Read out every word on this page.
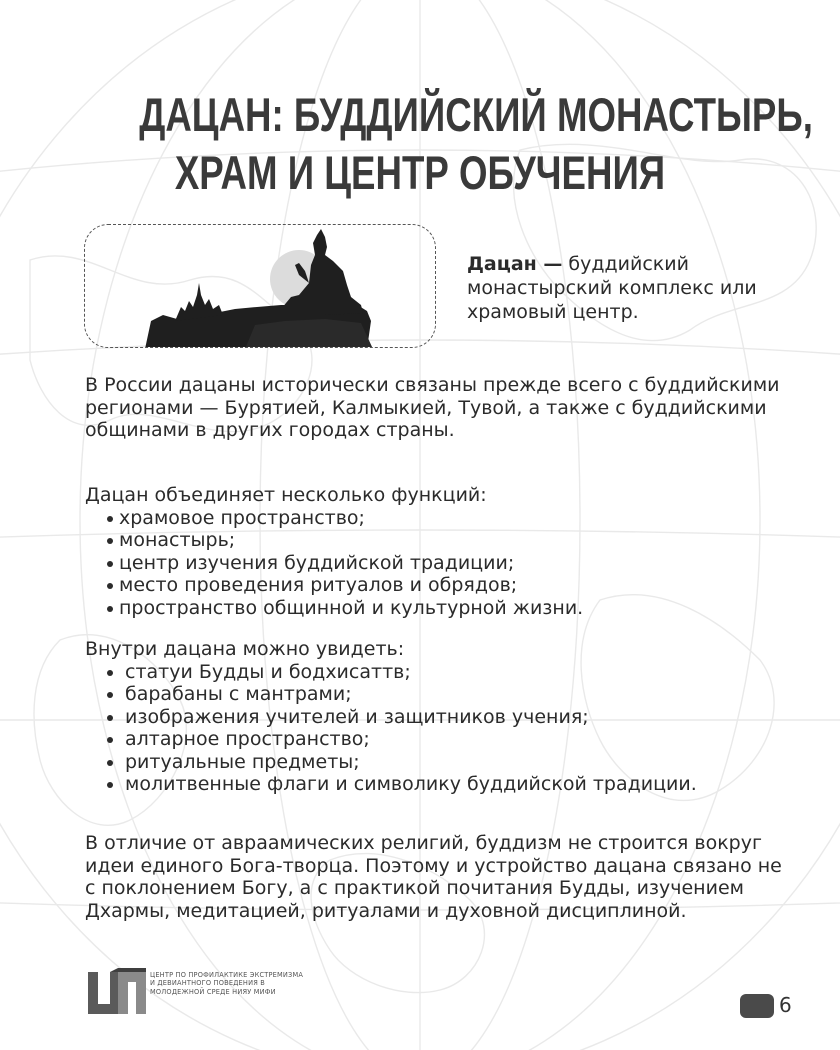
ДАЦАН: БУДДИЙСКИЙ МОНАСТЫРЬ,
ХРАМ И ЦЕНТР ОБУЧЕНИЯ
Дацан — буддийский монастырский комплекс или храмовый центр.
В России дацаны исторически связаны прежде всего с буддийскими регионами — Бурятией, Калмыкией, Тувой, а также с буддийскими общинами в других городах страны.
Дацан объединяет несколько функций:
храмовое пространство;
монастырь;
центр изучения буддийской традиции;
место проведения ритуалов и обрядов;
пространство общинной и культурной жизни.
Внутри дацана можно увидеть:
статуи Будды и бодхисаттв;
барабаны с мантрами;
изображения учителей и защитников учения;
алтарное пространство;
ритуальные предметы;
молитвенные флаги и символику буддийской традиции.
В отличие от авраамических религий, буддизм не строится вокруг идеи единого Бога-творца. Поэтому и устройство дацана связано не с поклонением Богу, а с практикой почитания Будды, изучением Дхармы, медитацией, ритуалами и духовной дисциплиной.
ЦЕНТР ПО ПРОФИЛАКТИКЕ ЭКСТРЕМИЗМА И ДЕВИАНТНОГО ПОВЕДЕНИЯ В МОЛОДЕЖНОЙ СРЕДЕ НИЯУ МИФИ
6
